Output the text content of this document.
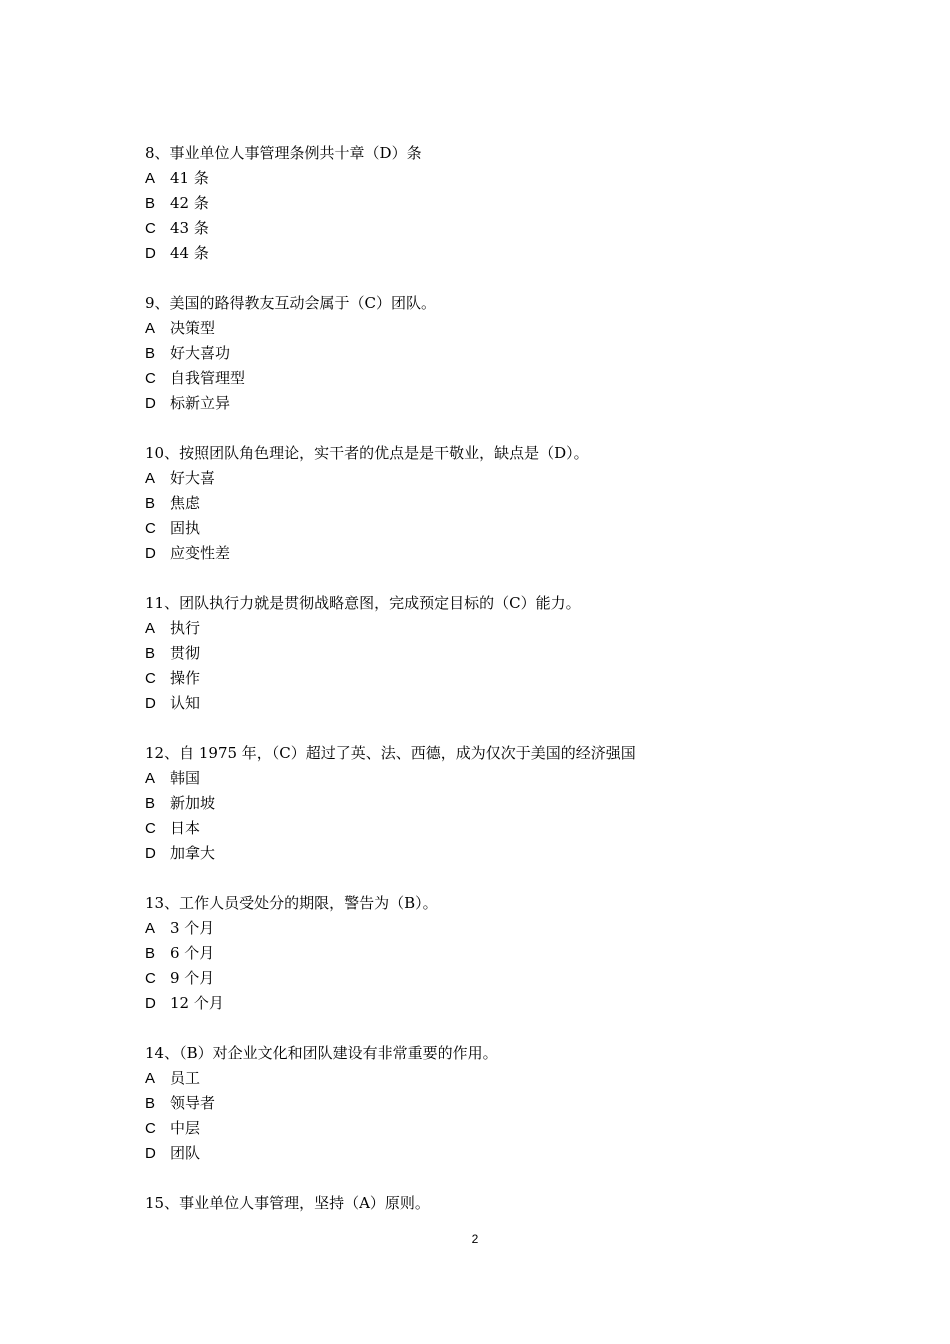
8、事业单位人事管理条例共十章（D）条
A 41 条
B 42 条
C 43 条
D 44 条
9、美国的路得教友互动会属于（C）团队。
A 决策型
B 好大喜功
C 自我管理型
D 标新立异
10、按照团队角色理论，实干者的优点是是干敬业，缺点是（D）。
A 好大喜
B 焦虑
C 固执
D 应变性差
11、团队执行力就是贯彻战略意图，完成预定目标的（C）能力。
A 执行
B 贯彻
C 操作
D 认知
12、自 1975 年，（C）超过了英、法、西德，成为仅次于美国的经济强国
A 韩国
B 新加坡
C 日本
D 加拿大
13、工作人员受处分的期限，警告为（B）。
A 3 个月
B 6 个月
C 9 个月
D 12 个月
14、（B）对企业文化和团队建设有非常重要的作用。
A 员工
B 领导者
C 中层
D 团队
15、事业单位人事管理，坚持（A）原则。
2
